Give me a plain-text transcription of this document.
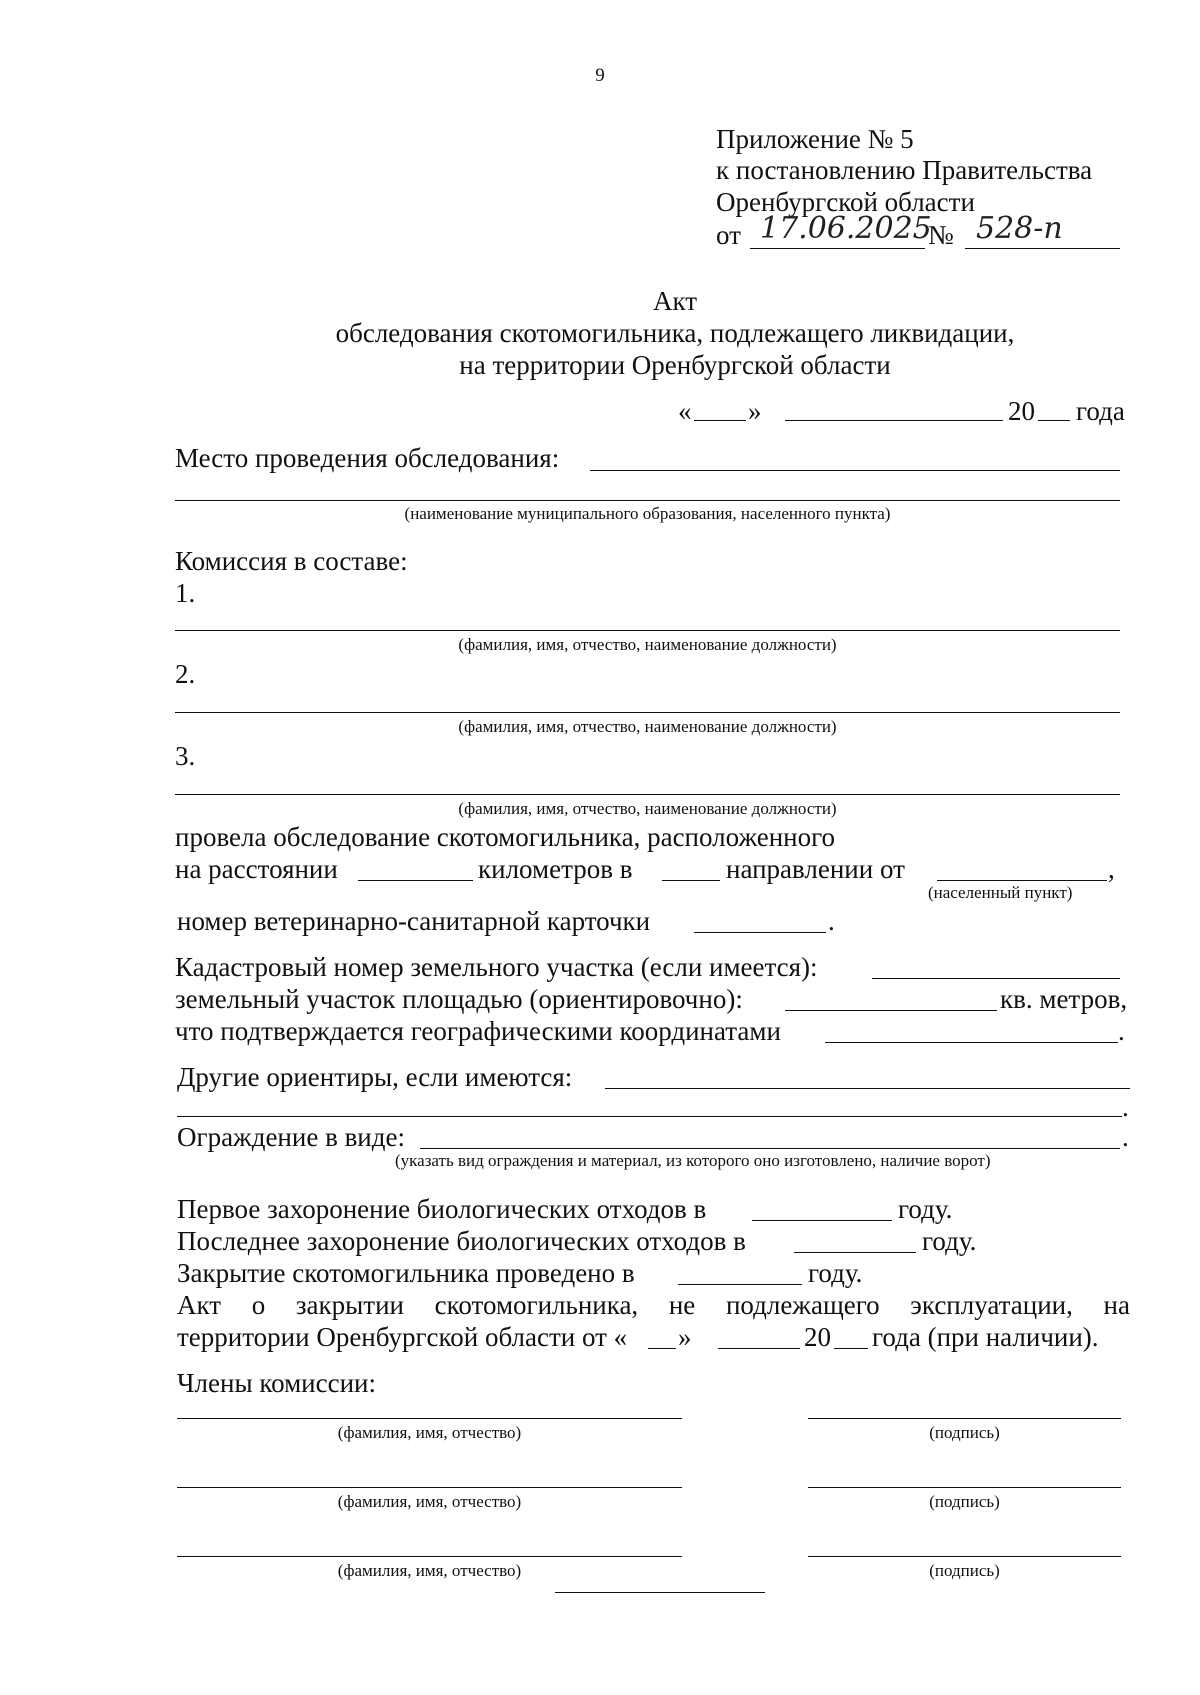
9
Приложение № 5
к постановлению Правительства
Оренбургской области
от 17.06.2025
№ 528-п
Акт
обследования скотомогильника, подлежащего ликвидации,
на территории Оренбургской области
« »	20 года
Место проведения обследования:
(наименование муниципального образования, населенного пункта)
Комиссия в составе:
1.
(фамилия, имя, отчество, наименование должности)
2.
(фамилия, имя, отчество, наименование должности)
3.
(фамилия, имя, отчество, наименование должности)
провела обследование скотомогильника, расположенного
на расстоянии	километров в	направлении от	,
(населенный пункт)
номер ветеринарно-санитарной карточки	.
Кадастровый номер земельного участка (если имеется):
земельный участок площадью (ориентировочно):	кв. метров,
что подтверждается географическими координатами	.
Другие ориентиры, если имеются:
.
Ограждение в виде:	.
(указать вид ограждения и материал, из которого оно изготовлено, наличие ворот)
Первое захоронение биологических отходов в	году.
Последнее захоронение биологических отходов в	году.
Закрытие скотомогильника проведено в	году.
Акт о закрытии скотомогильника, не подлежащего эксплуатации, на
территории Оренбургской области от « »	20 года (при наличии).
Члены комиссии:
(фамилия, имя, отчество)	(подпись)
(фамилия, имя, отчество)	(подпись)
(фамилия, имя, отчество)	(подпись)
